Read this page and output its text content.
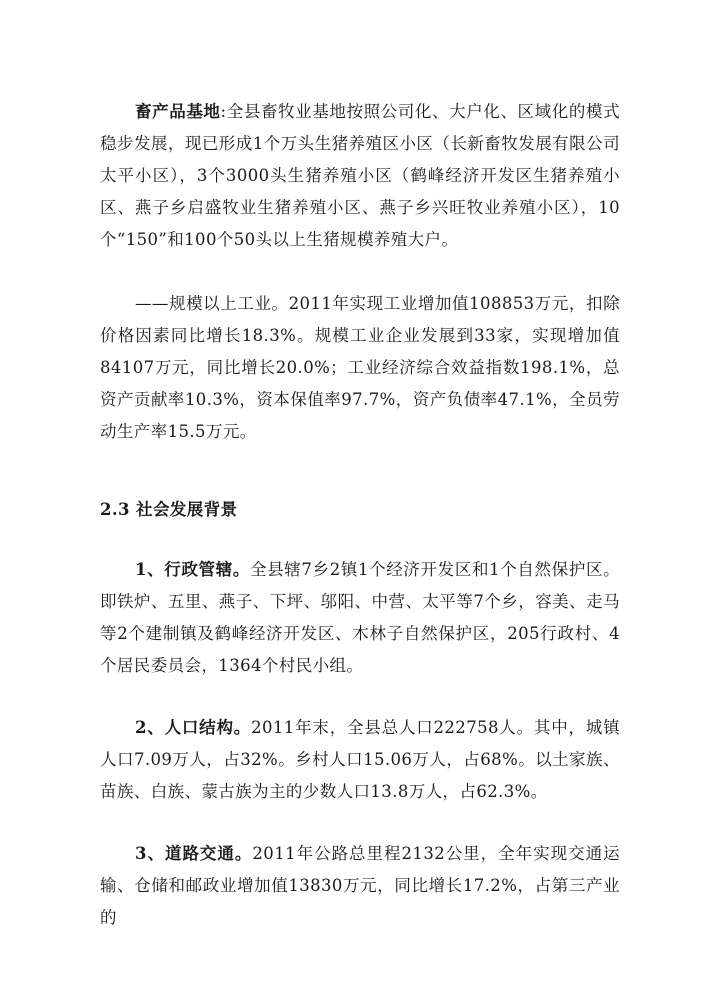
畜产品基地:全县畜牧业基地按照公司化、大户化、区域化的模式稳步发展，现已形成1个万头生猪养殖区小区（长新畜牧发展有限公司太平小区），3个3000头生猪养殖小区（鹤峰经济开发区生猪养殖小区、燕子乡启盛牧业生猪养殖小区、燕子乡兴旺牧业养殖小区），10个“150”和100个50头以上生猪规模养殖大户。

——规模以上工业。2011年实现工业增加值108853万元，扣除价格因素同比增长18.3%。规模工业企业发展到33家，实现增加值84107万元，同比增长20.0%；工业经济综合效益指数198.1%，总资产贡献率10.3%，资本保值率97.7%，资产负债率47.1%，全员劳动生产率15.5万元。

2.3 社会发展背景

1、行政管辖。全县辖7乡2镇1个经济开发区和1个自然保护区。即铁炉、五里、燕子、下坪、邬阳、中营、太平等7个乡，容美、走马等2个建制镇及鹤峰经济开发区、木林子自然保护区，205行政村、4个居民委员会，1364个村民小组。

2、人口结构。2011年末，全县总人口222758人。其中，城镇人口7.09万人，占32%。乡村人口15.06万人，占68%。以土家族、苗族、白族、蒙古族为主的少数人口13.8万人，占62.3%。

3、道路交通。2011年公路总里程2132公里，全年实现交通运输、仓储和邮政业增加值13830万元，同比增长17.2%，占第三产业的
